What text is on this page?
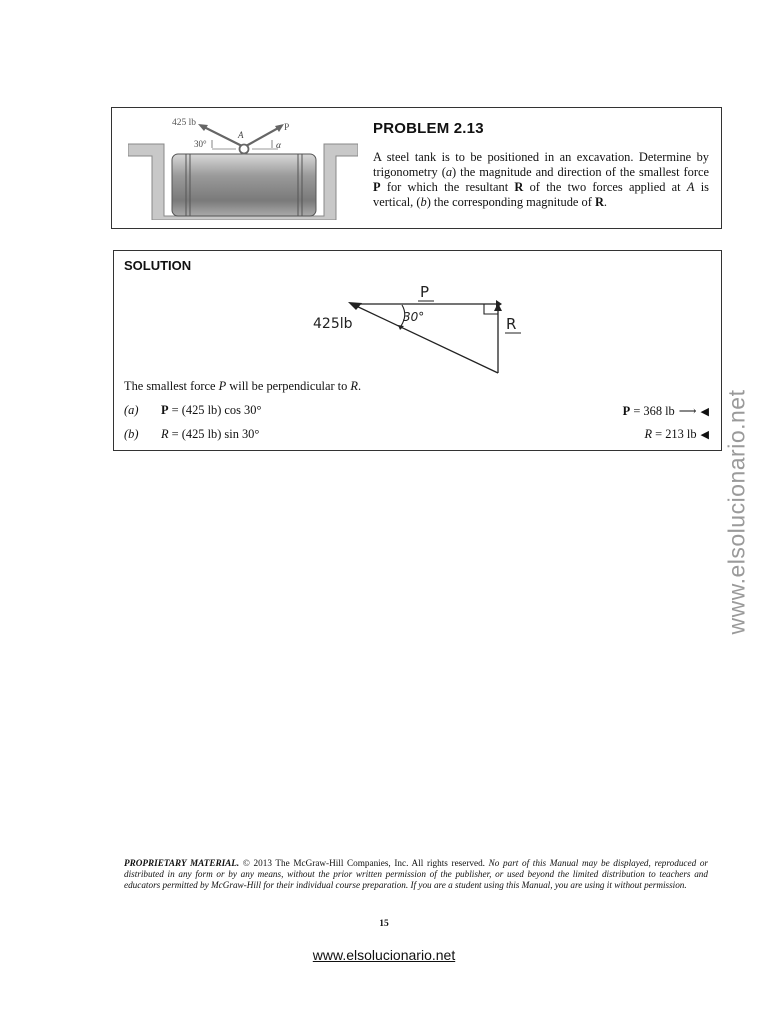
425 lb
30°
A
P
α
PROBLEM 2.13
A steel tank is to be positioned in an excavation. Determine by trigonometry (a) the magnitude and direction of the smallest force P for which the resultant R of the two forces applied at A is vertical, (b) the corresponding magnitude of R.
SOLUTION
P
425lb	30°	R
The smallest force P will be perpendicular to R.
(a) P = (425 lb) cos 30°	P = 368 lb ⟶ ◀
(b) R = (425 lb) sin 30°	R = 213 lb ◀ www.elsolucionario.net
PROPRIETARY MATERIAL. © 2013 The McGraw-Hill Companies, Inc. All rights reserved. No part of this Manual may be displayed, reproduced or distributed in any form or by any means, without the prior written permission of the publisher, or used beyond the limited distribution to teachers and educators permitted by McGraw-Hill for their individual course preparation. If you are a student using this Manual, you are using it without permission.
15
www.elsolucionario.net
